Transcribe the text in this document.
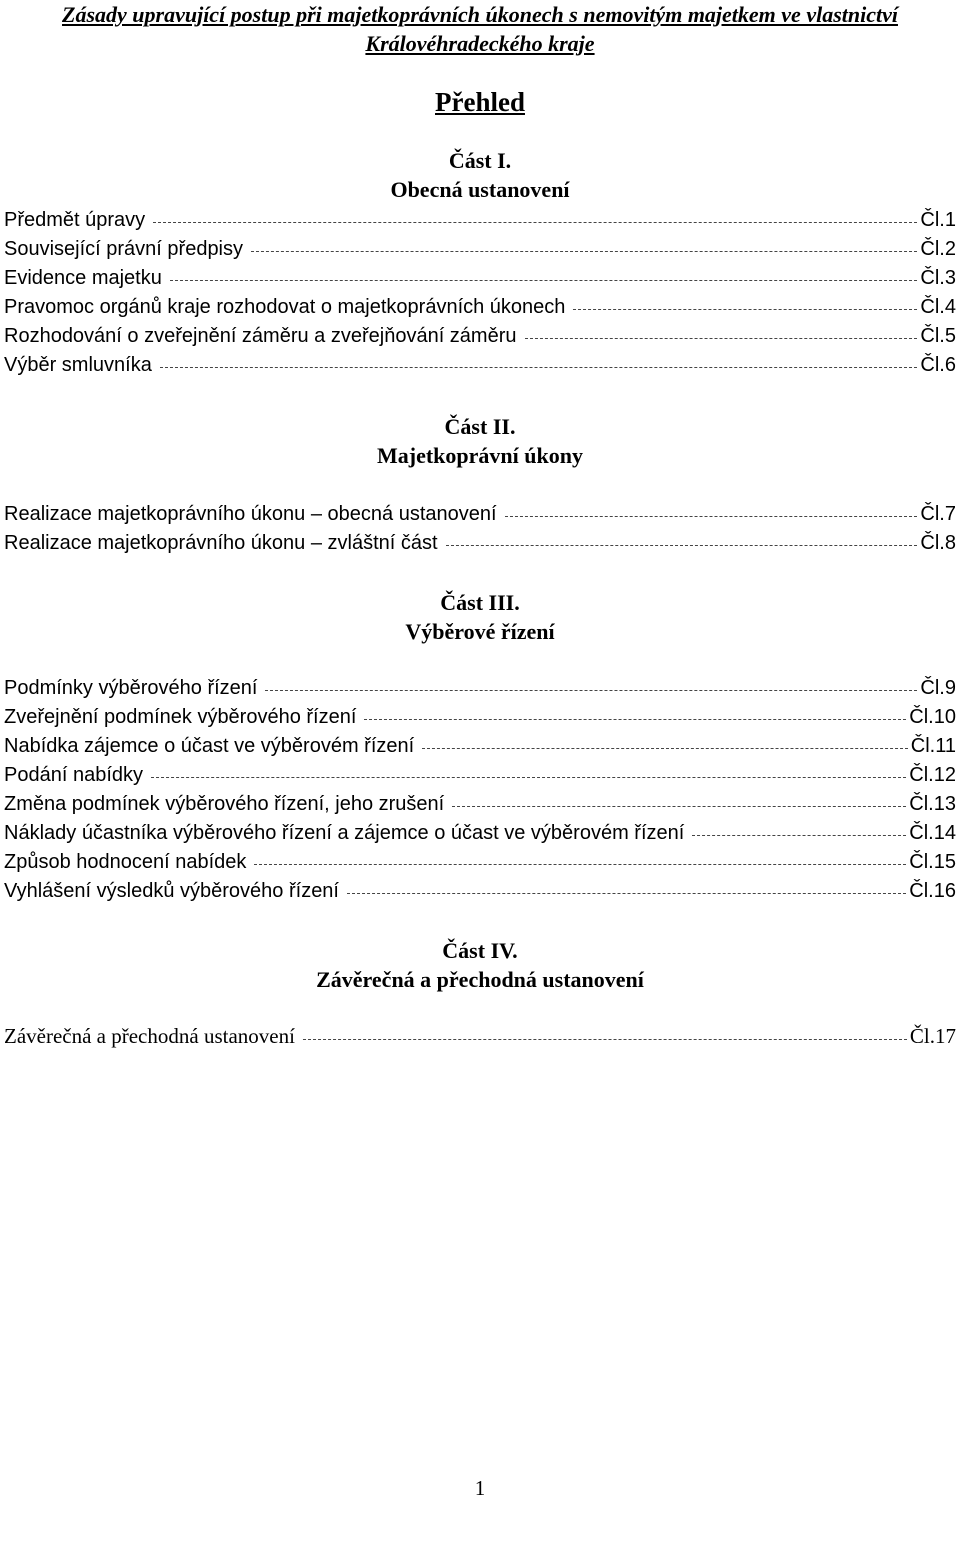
Zásady upravující postup při majetkoprávních úkonech s nemovitým majetkem ve vlastnictví Královéhradeckého kraje
Přehled
Část I.
Obecná ustanovení
Předmět úpravy	Čl.1
Související právní předpisy	Čl.2
Evidence majetku	Čl.3
Pravomoc orgánů kraje rozhodovat o majetkoprávních úkonech	Čl.4
Rozhodování o zveřejnění záměru a zveřejňování záměru	Čl.5
Výběr smluvníka	Čl.6
Část II.
Majetkoprávní úkony
Realizace majetkoprávního úkonu – obecná ustanovení	Čl.7
Realizace majetkoprávního úkonu – zvláštní část	Čl.8
Část III.
Výběrové řízení
Podmínky výběrového řízení	Čl.9
Zveřejnění podmínek výběrového řízení	Čl.10
Nabídka zájemce o účast ve výběrovém řízení	Čl.11
Podání nabídky	Čl.12
Změna podmínek výběrového řízení, jeho zrušení	Čl.13
Náklady účastníka výběrového řízení a zájemce o účast ve výběrovém řízení	Čl.14
Způsob hodnocení nabídek	Čl.15
Vyhlášení výsledků výběrového řízení	Čl.16
Část IV.
Závěrečná a přechodná ustanovení
Závěrečná a přechodná ustanovení	Čl.17
1
